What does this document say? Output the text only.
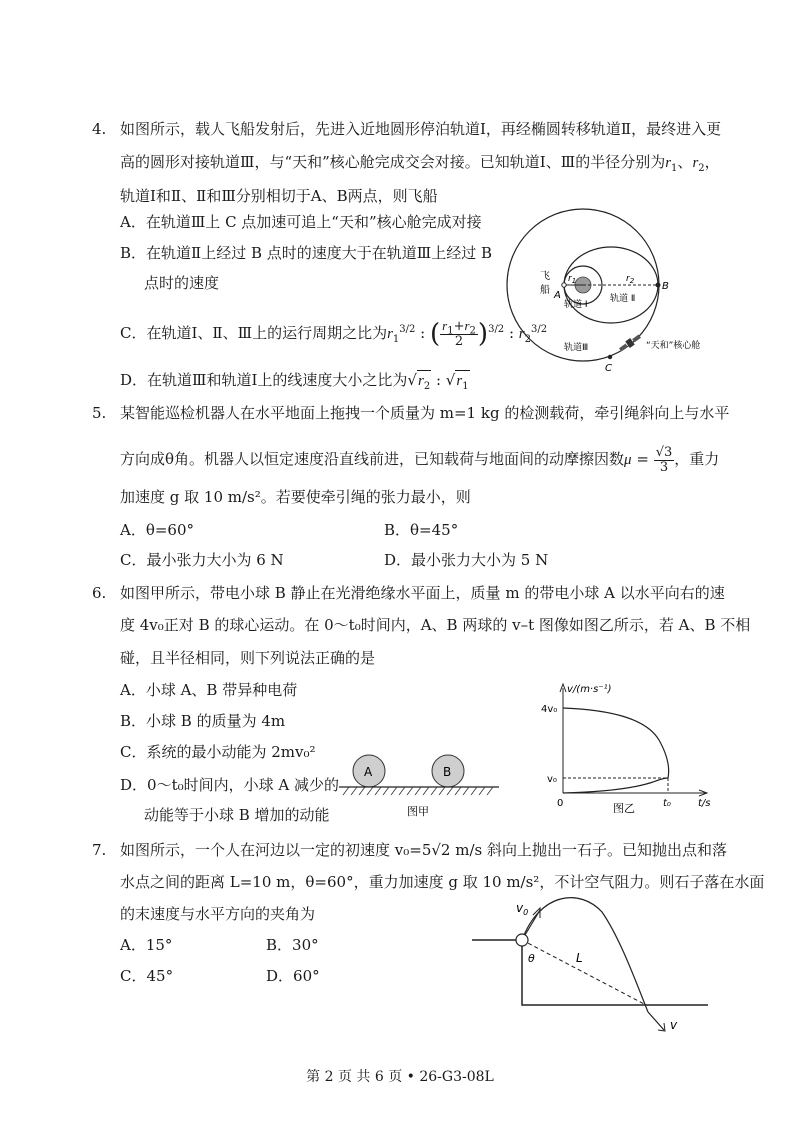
4. 如图所示，载人飞船发射后，先进入近地圆形停泊轨道Ⅰ，再经椭圆转移轨道Ⅱ，最终进入更
高的圆形对接轨道Ⅲ，与“天和”核心舱完成交会对接。已知轨道Ⅰ、Ⅲ的半径分别为$r_1$、$r_2$，
轨道Ⅰ和Ⅱ、Ⅱ和Ⅲ分别相切于A、B两点，则飞船
A．在轨道Ⅲ上 C 点加速可追上“天和”核心舱完成对接
B．在轨道Ⅱ上经过 B 点时的速度大于在轨道Ⅲ上经过 B
点时的速度
C．在轨道Ⅰ、Ⅱ、Ⅲ上的运行周期之比为$r_1^{3/2}$ : ( $\frac{r_1+r_2}{2} )^{3/2}$ : $r_2^{3/2}$
D．在轨道Ⅲ和轨道Ⅰ上的线速度大小之比为$√r_2$ : $√r_1$
飞
船 A
B
C
$r_1$	$r_2$
轨道 Ⅰ
轨道 Ⅱ
轨道Ⅲ	“天和”核心舱
5. 某智能巡检机器人在水平地面上拖拽一个质量为 m=1 kg 的检测载荷，牵引绳斜向上与水平
方向成θ角。机器人以恒定速度沿直线前进，已知载荷与地面间的动摩擦因数$\mu = \frac{√3}{3}$ ，重力
加速度 g 取 10 m/s²。若要使牵引绳的张力最小，则
A．θ=60°	B．θ=45°
C．最小张力大小为 6 N	D．最小张力大小为 5 N
6. 如图甲所示，带电小球 B 静止在光滑绝缘水平面上，质量 m 的带电小球 A 以水平向右的速
度 4v₀正对 B 的球心运动。在 0～t₀时间内，A、B 两球的 v–t 图像如图乙所示，若 A、B 不相
碰，且半径相同，则下列说法正确的是
A．小球 A、B 带异种电荷
B．小球 B 的质量为 4m
C．系统的最小动能为 2mv₀²
D．0～t₀时间内，小球 A 减少的
动能等于小球 B 增加的动能
A	B
图甲
v/(m·s⁻¹)
4v₀
v₀
0	t₀	t/s
图乙
7. 如图所示，一个人在河边以一定的初速度 v₀=5√2 m/s 斜向上抛出一石子。已知抛出点和落
水点之间的距离 L=10 m，θ=60°，重力加速度 g 取 10 m/s²，不计空气阻力。则石子落在水面
的末速度与水平方向的夹角为
A．15°	B．30°
C．45°	D．60°
$v_0$
θ	L
v
第 2 页 共 6 页 • 26-G3-08L
